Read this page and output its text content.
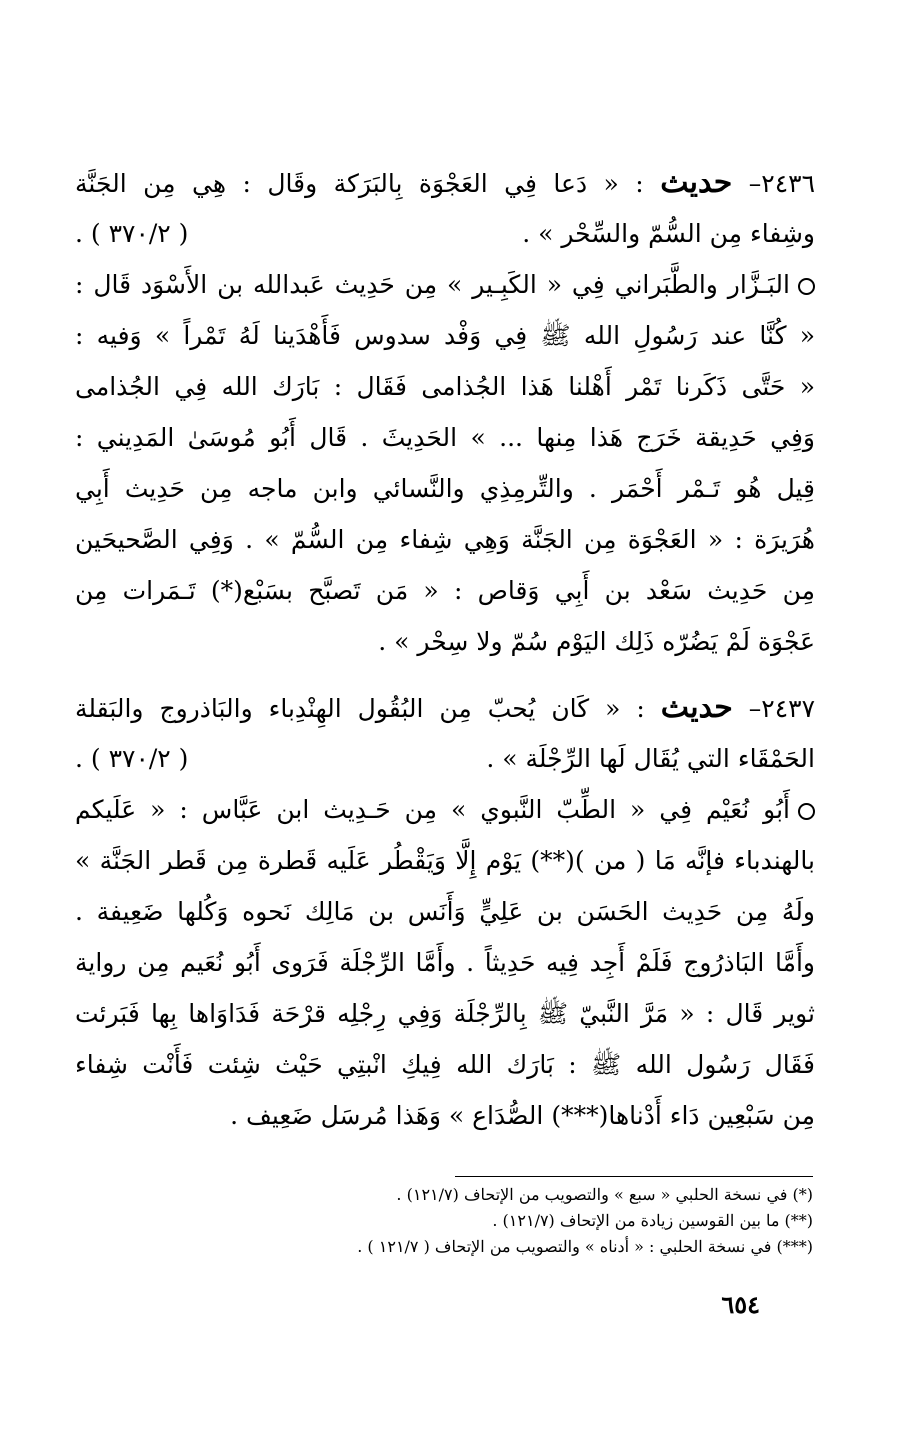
٢٤٣٦– حديث : « دَعا فِي العَجْوَة بِالبَرَكة وقَال : هِي مِن الجَنَّة
وشِفاء مِن السُّمّ والسِّحْر » .
( ٣٧٠/٢ ) .
البَـزَّار والطَّبَراني فِي « الكَبِـير » مِن حَدِيث عَبدالله بن الأَسْوَد قَال :
« كُنَّا عند رَسُولِ الله ﷺ فِي وَفْد سدوس فَأَهْدَينا لَهُ تَمْراً » وَفيه :
« حَتَّى ذَكَرنا تَمْر أَهْلنا هَذا الجُذامى فَقَال : بَارَك الله فِي الجُذامى
وَفِي حَدِيقة خَرَج هَذا مِنها ... » الحَدِيثَ . قَال أَبُو مُوسَىٰ المَدِيني :
قِيل هُو تَـمْر أَحْمَر . والتِّرمِذِي والنَّسائي وابن ماجه مِن حَدِيث أَبِي
هُرَيرَة : « العَجْوَة مِن الجَنَّة وَهِي شِفاء مِن السُّمّ » . وَفِي الصَّحيحَين
مِن حَدِيث سَعْد بن أَبِي وَقاص : « مَن تَصبَّح بسَبْع(*) تَـمَرات مِن
عَجْوَة لَمْ يَضُرّه ذَلِك اليَوْم سُمّ ولا سِحْر » .
٢٤٣٧– حديث : « كَان يُحبّ مِن البُقُول الهِنْدِباء والبَاذروج والبَقلة
الحَمْقَاء التي يُقَال لَها الرِّجْلَة » .
( ٣٧٠/٢ ) .
أَبُو نُعَيْم فِي « الطِّبّ النَّبوي » مِن حَـدِيث ابن عَبَّاس : « عَلَيكم
بالهندباء فإنَّه مَا ( من )(**) يَوْم إِلَّا وَيَقْطُر عَلَيه قَطرة مِن قَطر الجَنَّة »
ولَهُ مِن حَدِيث الحَسَن بن عَلِيٍّ وَأَنَس بن مَالِك نَحوه وَكُلها ضَعِيفة .
وأَمَّا البَاذرُوج فَلَمْ أَجِد فِيه حَدِيثاً . وأَمَّا الرِّجْلَة فَرَوى أَبُو نُعَيم مِن رواية
ثوير قَال : « مَرَّ النَّبيّ ﷺ بِالرِّجْلَة وَفِي رِجْلِه قرْحَة فَدَاوَاها بِها فَبَرئت
فَقَال رَسُول الله ﷺ : بَارَك الله فِيكِ انْبتِي حَيْث شِئت فَأَنْت شِفاء
مِن سَبْعِين دَاء أَدْناها(***) الصُّدَاع » وَهَذا مُرسَل ضَعِيف .
(*) في نسخة الحلبي « سبع » والتصويب من الإتحاف (١٢١/٧) .
(**) ما بين القوسين زيادة من الإتحاف (١٢١/٧) .
(***) في نسخة الحلبي : « أدناه » والتصويب من الإتحاف ( ١٢١/٧ ) .
٦٥٤
